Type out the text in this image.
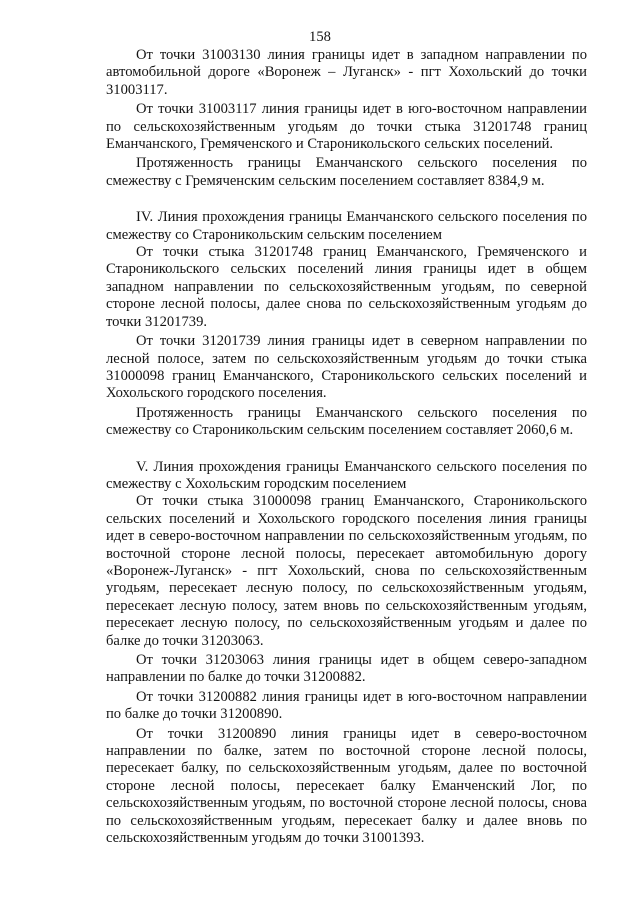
158

От точки 31003130 линия границы идет в западном направлении по автомобильной дороге «Воронеж – Луганск» - пгт Хохольский до точки 31003117.

От точки 31003117 линия границы идет в юго-восточном направлении по сельскохозяйственным угодьям до точки стыка 31201748 границ Еманчанского, Гремяченского и Староникольского сельских поселений.

Протяженность границы Еманчанского сельского поселения по смежеству с Гремяченским сельским поселением составляет 8384,9 м.

IV. Линия прохождения границы Еманчанского сельского поселения по смежеству со Староникольским сельским поселением

От точки стыка 31201748 границ Еманчанского, Гремяченского и Староникольского сельских поселений линия границы идет в общем западном направлении по сельскохозяйственным угодьям, по северной стороне лесной полосы, далее снова по сельскохозяйственным угодьям до точки 31201739.

От точки 31201739 линия границы идет в северном направлении по лесной полосе, затем по сельскохозяйственным угодьям до точки стыка 31000098 границ Еманчанского, Староникольского сельских поселений и Хохольского городского поселения.

Протяженность границы Еманчанского сельского поселения по смежеству со Староникольским сельским поселением составляет 2060,6 м.

V. Линия прохождения границы Еманчанского сельского поселения по смежеству с Хохольским городским поселением

От точки стыка 31000098 границ Еманчанского, Староникольского сельских поселений и Хохольского городского поселения линия границы идет в северо-восточном направлении по сельскохозяйственным угодьям, по восточной стороне лесной полосы, пересекает автомобильную дорогу «Воронеж-Луганск» - пгт Хохольский, снова по сельскохозяйственным угодьям, пересекает лесную полосу, по сельскохозяйственным угодьям, пересекает лесную полосу, затем вновь по сельскохозяйственным угодьям, пересекает лесную полосу, по сельскохозяйственным угодьям и далее по балке до точки 31203063.

От точки 31203063 линия границы идет в общем северо-западном направлении по балке до точки 31200882.

От точки 31200882 линия границы идет в юго-восточном направлении по балке до точки 31200890.

От точки 31200890 линия границы идет в северо-восточном направлении по балке, затем по восточной стороне лесной полосы, пересекает балку, по сельскохозяйственным угодьям, далее по восточной стороне лесной полосы, пересекает балку Еманченский Лог, по сельскохозяйственным угодьям, по восточной стороне лесной полосы, снова по сельскохозяйственным угодьям, пересекает балку и далее вновь по сельскохозяйственным угодьям до точки 31001393.
